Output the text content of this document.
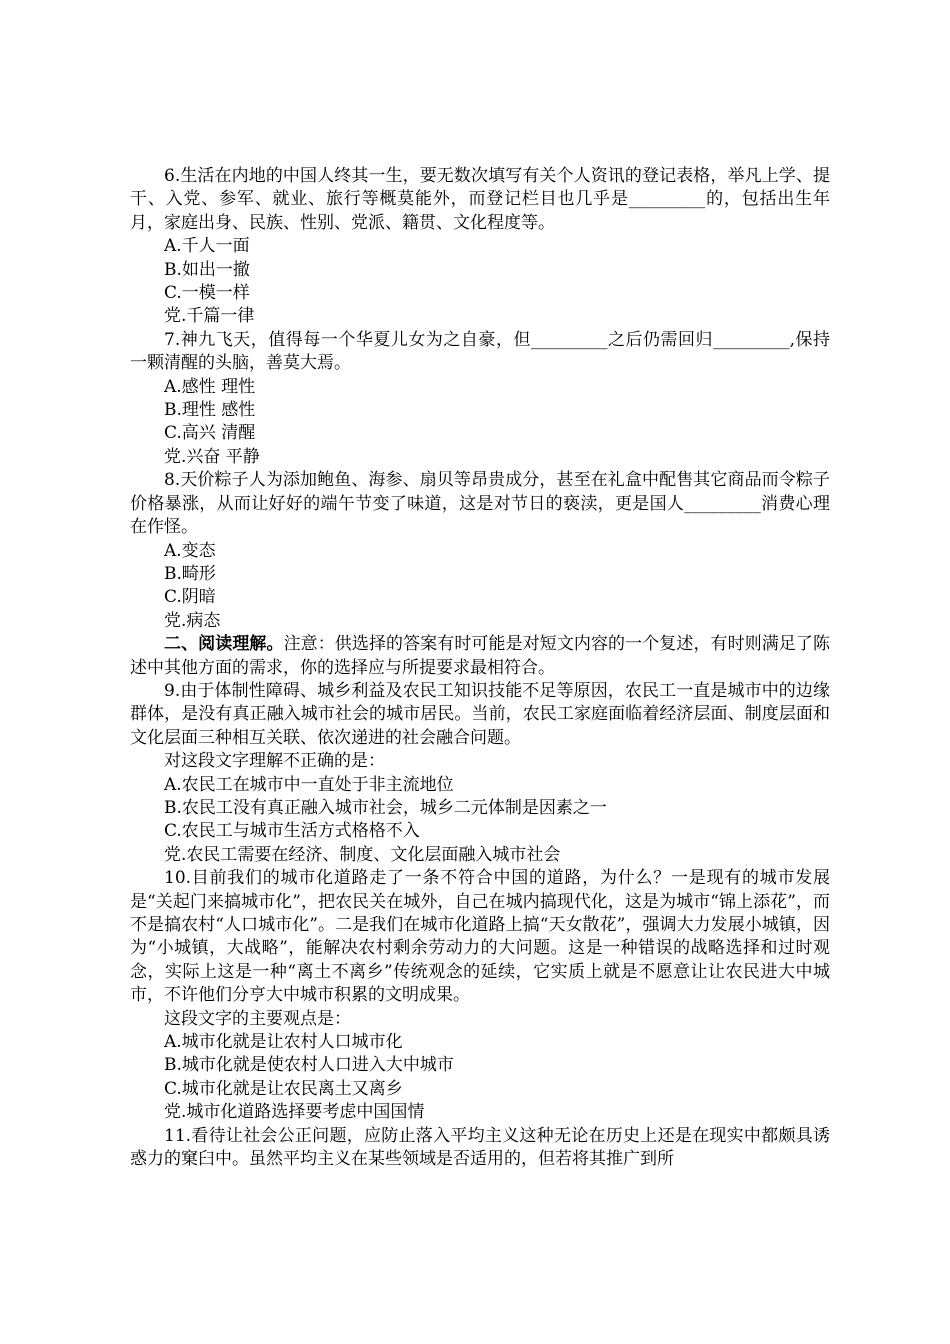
6.生活在内地的中国人终其一生，要无数次填写有关个人资讯的登记表格，举凡上学、提干、入党、参军、就业、旅行等概莫能外，而登记栏目也几乎是_________的，包括出生年月，家庭出身、民族、性别、党派、籍贯、文化程度等。

A.千人一面

B.如出一撤

C.一模一样

党.千篇一律

7.神九飞天，值得每一个华夏儿女为之自豪，但_________之后仍需回归_________,保持一颗清醒的头脑，善莫大焉。

A.感性 理性

B.理性 感性

C.高兴 清醒

党.兴奋 平静

8.天价粽子人为添加鲍鱼、海参、扇贝等昂贵成分，甚至在礼盒中配售其它商品而令粽子价格暴涨，从而让好好的端午节变了味道，这是对节日的亵渎，更是国人_________消费心理在作怪。

A.变态

B.畸形

C.阴暗

党.病态

二、阅读理解。注意：供选择的答案有时可能是对短文内容的一个复述，有时则满足了陈述中其他方面的需求，你的选择应与所提要求最相符合。

9.由于体制性障碍、城乡利益及农民工知识技能不足等原因，农民工一直是城市中的边缘群体，是没有真正融入城市社会的城市居民。当前，农民工家庭面临着经济层面、制度层面和文化层面三种相互关联、依次递进的社会融合问题。

对这段文字理解不正确的是：

A.农民工在城市中一直处于非主流地位

B.农民工没有真正融入城市社会，城乡二元体制是因素之一

C.农民工与城市生活方式格格不入

党.农民工需要在经济、制度、文化层面融入城市社会

10.目前我们的城市化道路走了一条不符合中国的道路，为什么？一是现有的城市发展是“关起门来搞城市化”，把农民关在城外，自己在城内搞现代化，这是为城市“锦上添花”，而不是搞农村“人口城市化”。二是我们在城市化道路上搞“天女散花”，强调大力发展小城镇，因为“小城镇，大战略”，能解决农村剩余劳动力的大问题。这是一种错误的战略选择和过时观念，实际上这是一种“离土不离乡”传统观念的延续，它实质上就是不愿意让让农民进大中城市，不许他们分亨大中城市积累的文明成果。

这段文字的主要观点是：

A.城市化就是让农村人口城市化

B.城市化就是使农村人口进入大中城市

C.城市化就是让农民离土又离乡

党.城市化道路选择要考虑中国国情

11.看待让社会公正问题，应防止落入平均主义这种无论在历史上还是在现实中都颇具诱惑力的窠臼中。虽然平均主义在某些领域是否适用的，但若将其推广到所
